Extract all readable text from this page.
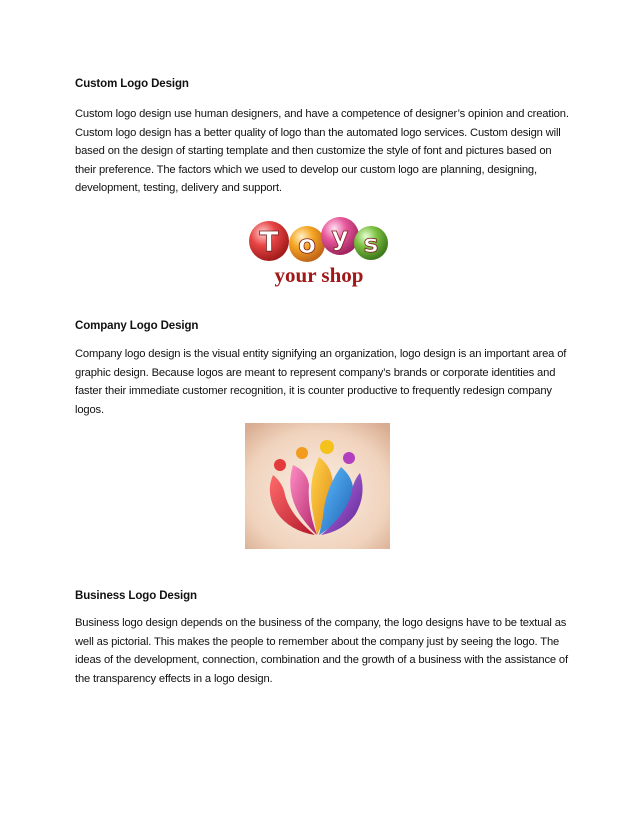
Custom Logo Design

Custom logo design use human designers, and have a competence of designer’s opinion and creation.
Custom logo design has a better quality of logo than the automated logo services. Custom design will
based on the design of starting template and then customize the style of font and pictures based on
their preference. The factors which we used to develop our custom logo are planning, designing,
development, testing, delivery and support.

T o y s
your shop
Company Logo Design

Company logo design is the visual entity signifying an organization, logo design is an important area of
graphic design. Because logos are meant to represent company’s brands or corporate identities and
faster their immediate customer recognition, it is counter productive to frequently redesign company
logos.

Business Logo Design

Business logo design depends on the business of the company, the logo designs have to be textual as
well as pictorial. This makes the people to remember about the company just by seeing the logo. The
ideas of the development, connection, combination and the growth of a business with the assistance of
the transparency effects in a logo design.
